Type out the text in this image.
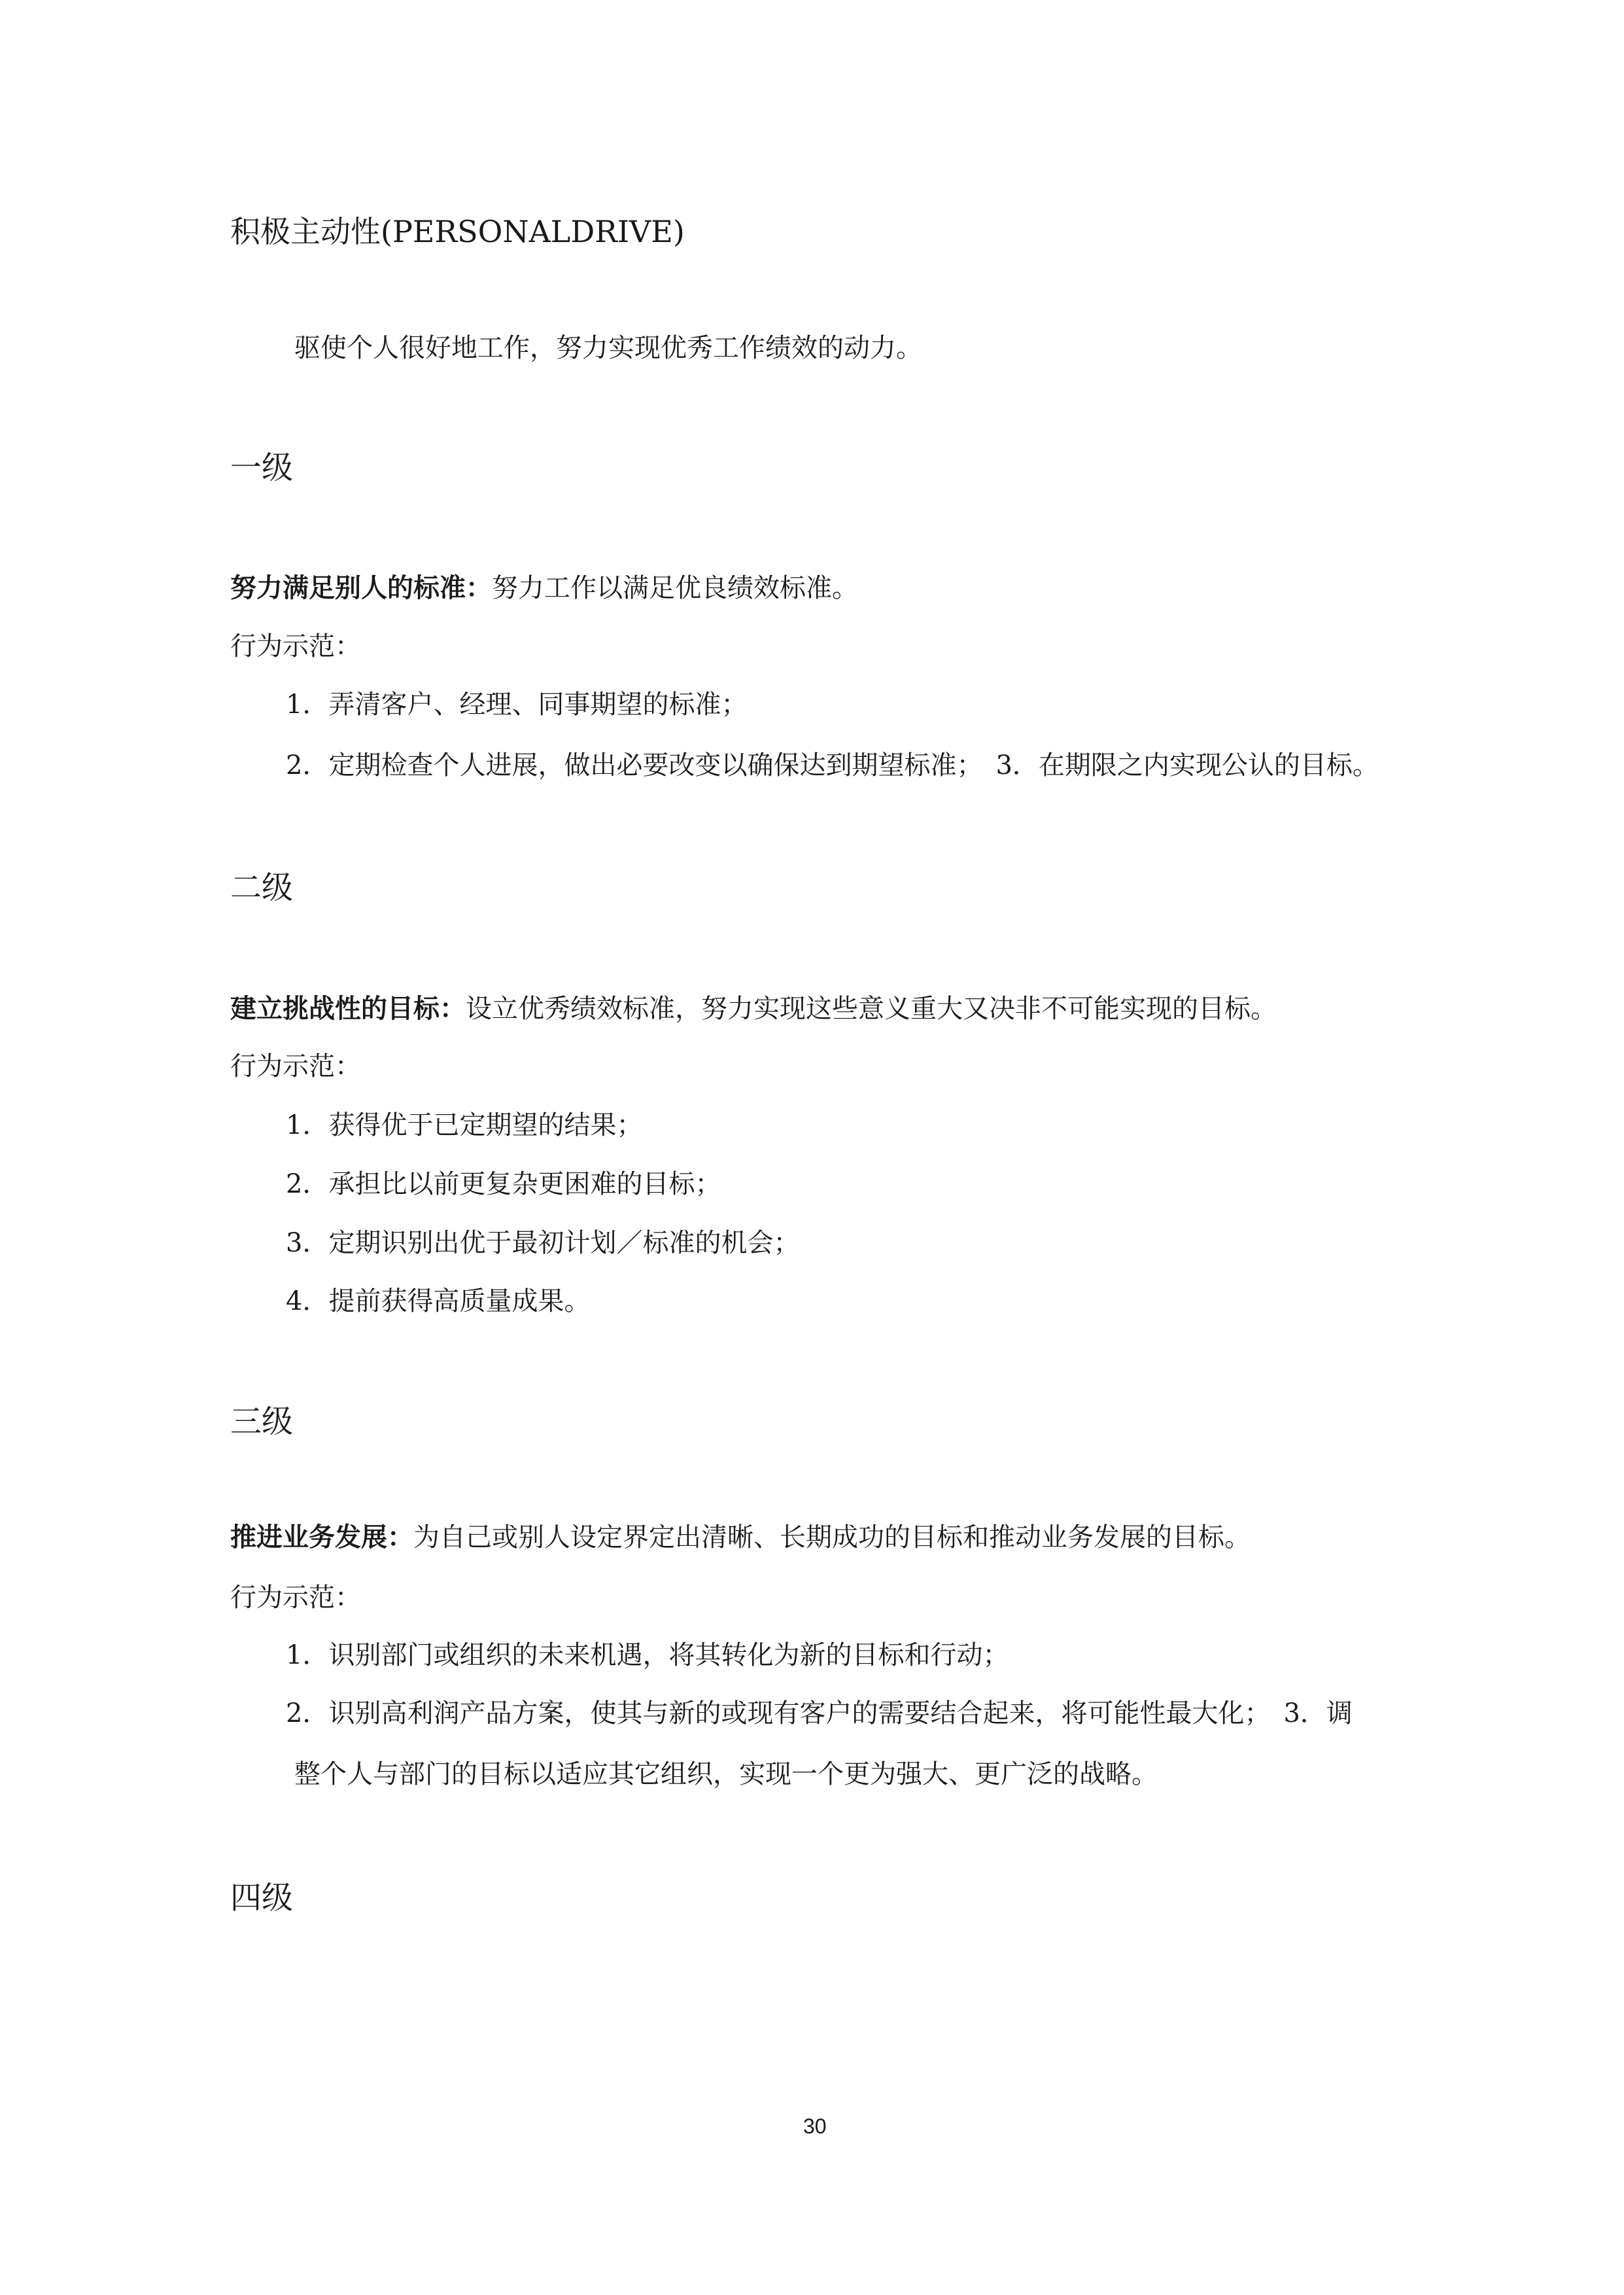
积极主动性(PERSONALDRIVE)
驱使个人很好地工作，努力实现优秀工作绩效的动力。
一级
努力满足别人的标准：努力工作以满足优良绩效标准。
行为示范：
1．弄清客户、经理、同事期望的标准；
2．定期检查个人进展，做出必要改变以确保达到期望标准；　3．在期限之内实现公认的目标。
二级
建立挑战性的目标：设立优秀绩效标准，努力实现这些意义重大又决非不可能实现的目标。
行为示范：
1．获得优于已定期望的结果；
2．承担比以前更复杂更困难的目标；
3．定期识别出优于最初计划／标准的机会；
4．提前获得高质量成果。
三级
推进业务发展：为自己或别人设定界定出清晰、长期成功的目标和推动业务发展的目标。
行为示范：
1．识别部门或组织的未来机遇，将其转化为新的目标和行动；
2．识别高利润产品方案，使其与新的或现有客户的需要结合起来，将可能性最大化；　3．调
整个人与部门的目标以适应其它组织，实现一个更为强大、更广泛的战略。
四级
30
